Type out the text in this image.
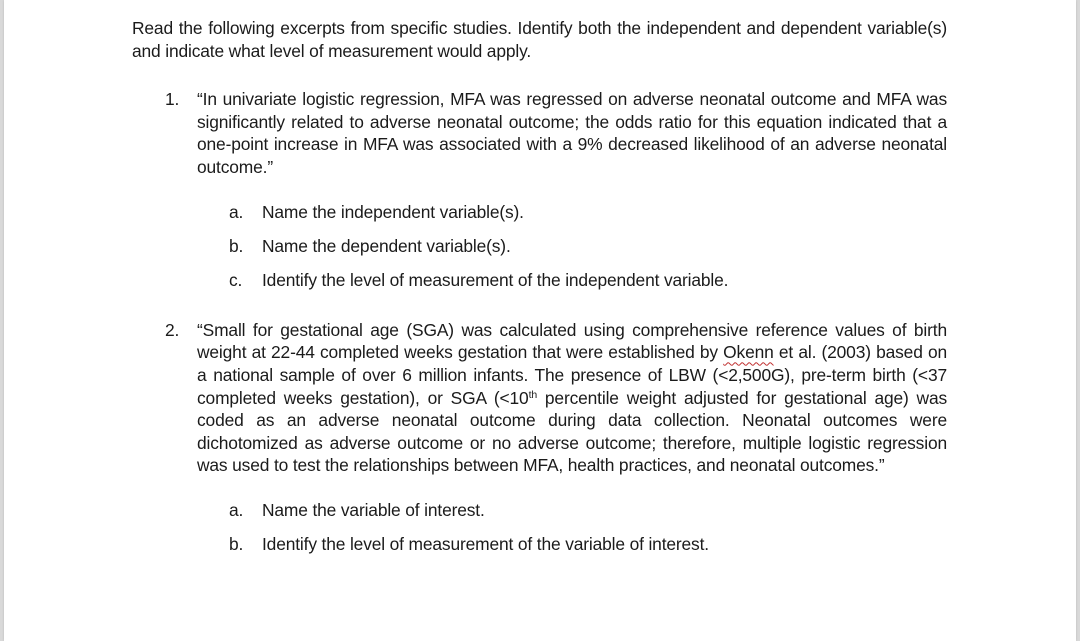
Read the following excerpts from specific studies. Identify both the independent and dependent variable(s) and indicate what level of measurement would apply.

1. “In univariate logistic regression, MFA was regressed on adverse neonatal outcome and MFA was significantly related to adverse neonatal outcome; the odds ratio for this equation indicated that a one-point increase in MFA was associated with a 9% decreased likelihood of an adverse neonatal outcome.”
a. Name the independent variable(s).
b. Name the dependent variable(s).
c. Identify the level of measurement of the independent variable.
2. “Small for gestational age (SGA) was calculated using comprehensive reference values of birth weight at 22-44 completed weeks gestation that were established by Okenn et al. (2003) based on a national sample of over 6 million infants. The presence of LBW (<2,500G), pre-term birth (<37 completed weeks gestation), or SGA (<10th percentile weight adjusted for gestational age) was coded as an adverse neonatal outcome during data collection. Neonatal outcomes were dichotomized as adverse outcome or no adverse outcome; therefore, multiple logistic regression was used to test the relationships between MFA, health practices, and neonatal outcomes.”
a. Name the variable of interest.
b. Identify the level of measurement of the variable of interest.
